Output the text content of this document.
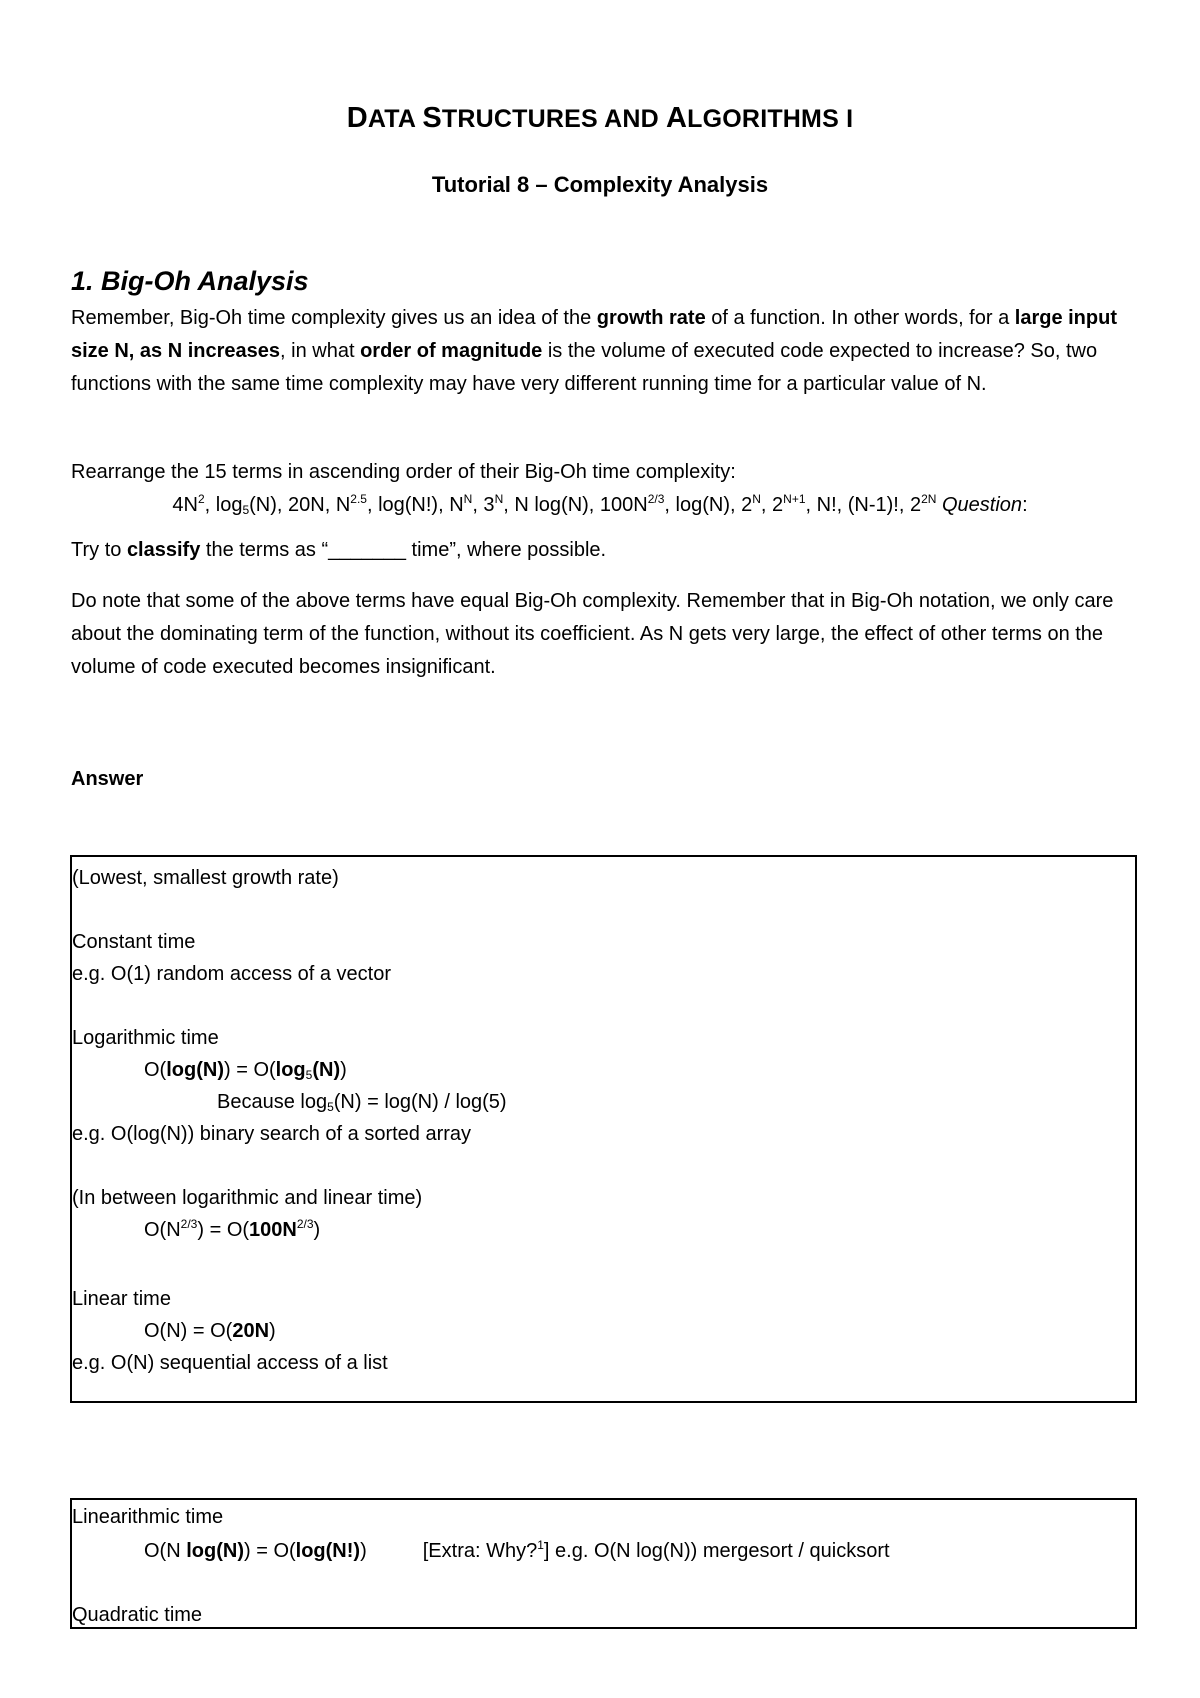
DATA STRUCTURES AND ALGORITHMS I
Tutorial 8 – Complexity Analysis
1. Big-Oh Analysis
Remember, Big-Oh time complexity gives us an idea of the growth rate of a function. In other words, for a large input size N, as N increases, in what order of magnitude is the volume of executed code expected to increase? So, two functions with the same time complexity may have very different running time for a particular value of N.
Rearrange the 15 terms in ascending order of their Big-Oh time complexity:
$4N^2$, $\log_5(N)$, 20N, $N^{2.5}$, log(N!), $N^N$, $3^N$, N log(N), $100N^{2/3}$, log(N), $2^N$, $2^{N+1}$, N!, (N-1)!, $2^{2N}$ Question:
Try to classify the terms as “_______ time”, where possible.
Do note that some of the above terms have equal Big-Oh complexity. Remember that in Big-Oh notation, we only care about the dominating term of the function, without its coefficient. As N gets very large, the effect of other terms on the volume of code executed becomes insignificant.
Answer
(Lowest, smallest growth rate)
Constant time
e.g. O(1) random access of a vector
Logarithmic time
$O(\log(N)) = O(\log_5(N))$
Because $\log_5(N) = \log(N) / \log(5)$
e.g. O(log(N)) binary search of a sorted array
(In between logarithmic and linear time)
$O(N^{2/3}) = O(100N^{2/3})$
Linear time
O(N) = O(20N)
e.g. O(N) sequential access of a list
Linearithmic time
O(N log(N)) = O(log(N!))	[Extra: Why?$^1$] e.g. O(N log(N)) mergesort / quicksort
Quadratic time
